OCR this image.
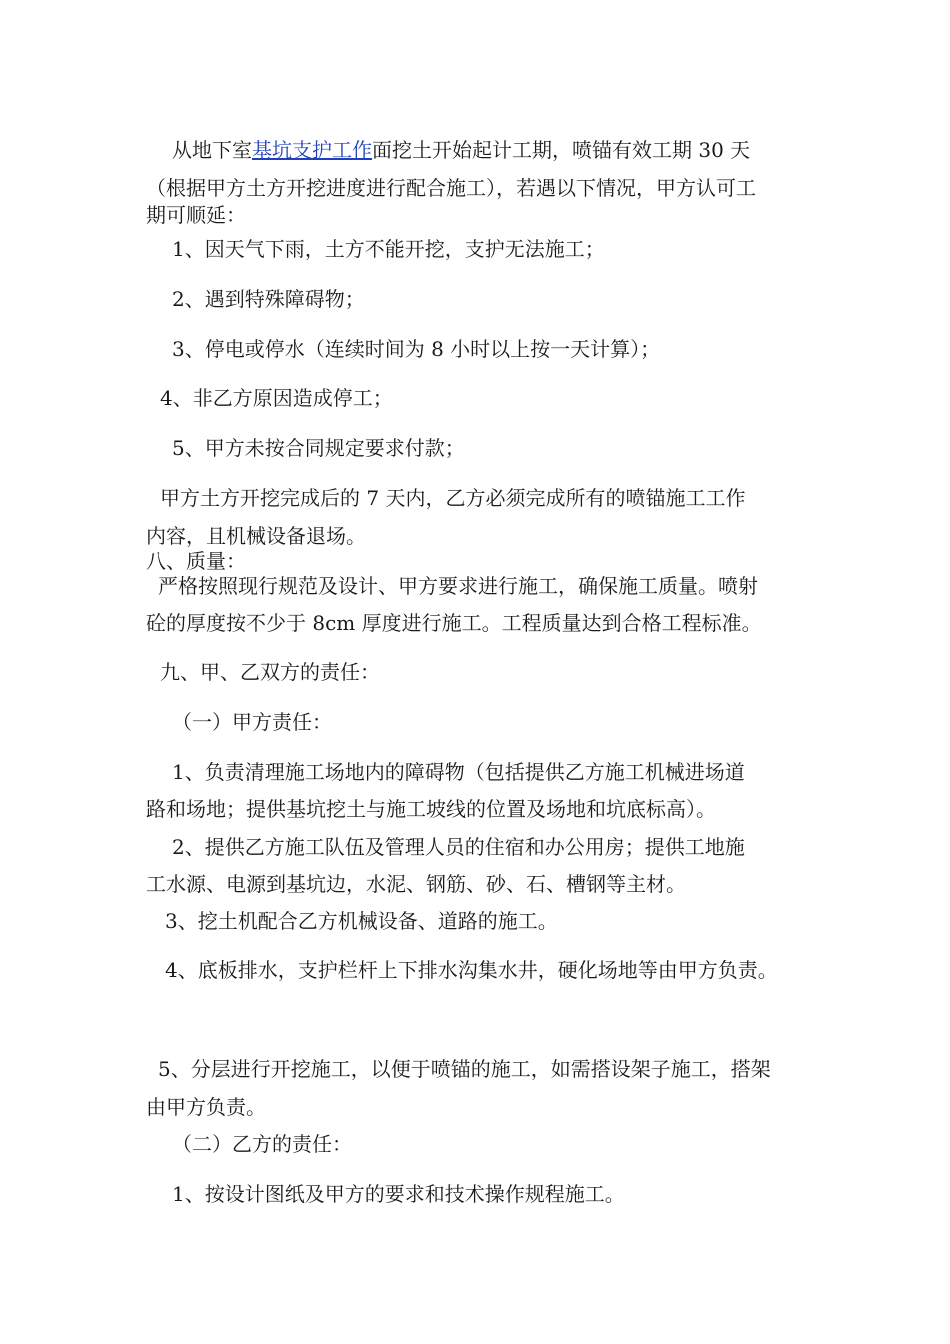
从地下室基坑支护工作面挖土开始起计工期，喷锚有效工期 30 天
（根据甲方土方开挖进度进行配合施工），若遇以下情况，甲方认可工
期可顺延：
1、因天气下雨，土方不能开挖，支护无法施工；
2、遇到特殊障碍物；
3、停电或停水（连续时间为 8 小时以上按一天计算）；
4、非乙方原因造成停工；
5、甲方未按合同规定要求付款；
甲方土方开挖完成后的 7 天内，乙方必须完成所有的喷锚施工工作
内容，且机械设备退场。
八、质量：
严格按照现行规范及设计、甲方要求进行施工，确保施工质量。喷射
砼的厚度按不少于 8cm 厚度进行施工。工程质量达到合格工程标准。
九、甲、乙双方的责任：
（一）甲方责任：
1、负责清理施工场地内的障碍物（包括提供乙方施工机械进场道
路和场地；提供基坑挖土与施工坡线的位置及场地和坑底标高）。
2、提供乙方施工队伍及管理人员的住宿和办公用房；提供工地施
工水源、电源到基坑边，水泥、钢筋、砂、石、槽钢等主材。
3、挖土机配合乙方机械设备、道路的施工。
4、底板排水，支护栏杆上下排水沟集水井，硬化场地等由甲方负责。
5、分层进行开挖施工，以便于喷锚的施工，如需搭设架子施工，搭架
由甲方负责。
（二）乙方的责任：
1、按设计图纸及甲方的要求和技术操作规程施工。
